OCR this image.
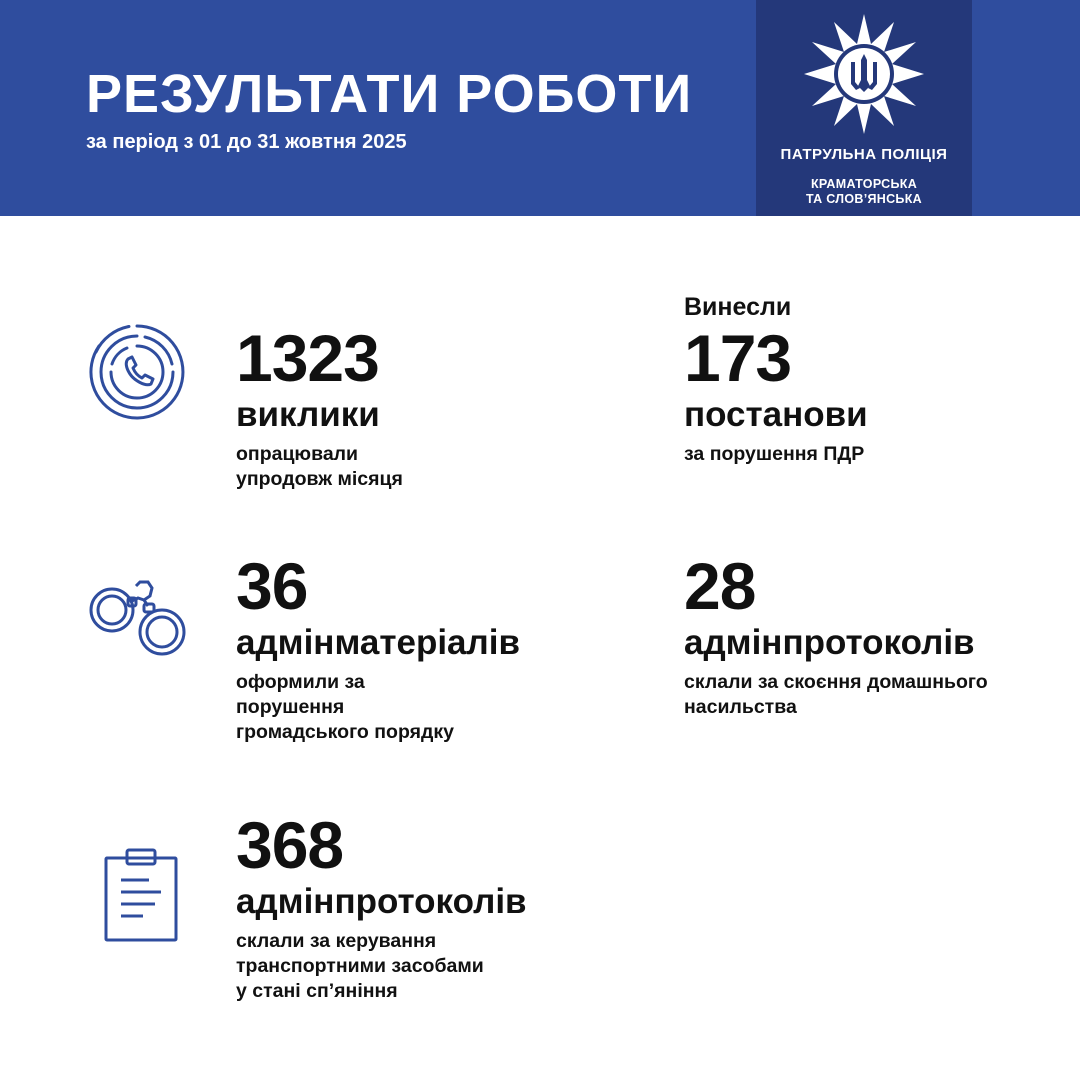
РЕЗУЛЬТАТИ РОБОТИ
за період з 01 до 31 жовтня 2025
ПАТРУЛЬНА ПОЛІЦІЯ
КРАМАТОРСЬКА
ТА СЛОВ’ЯНСЬКА
1323
виклики
опрацювали
упродовж місяця
Винесли
173
постанови
за порушення ПДР
36
адмінматеріалів
оформили за
порушення
громадського порядку
28
адмінпротоколів
склали за скоєння домашнього
насильства
368
адмінпротоколів
склали за керування
транспортними засобами
у стані сп’яніння
